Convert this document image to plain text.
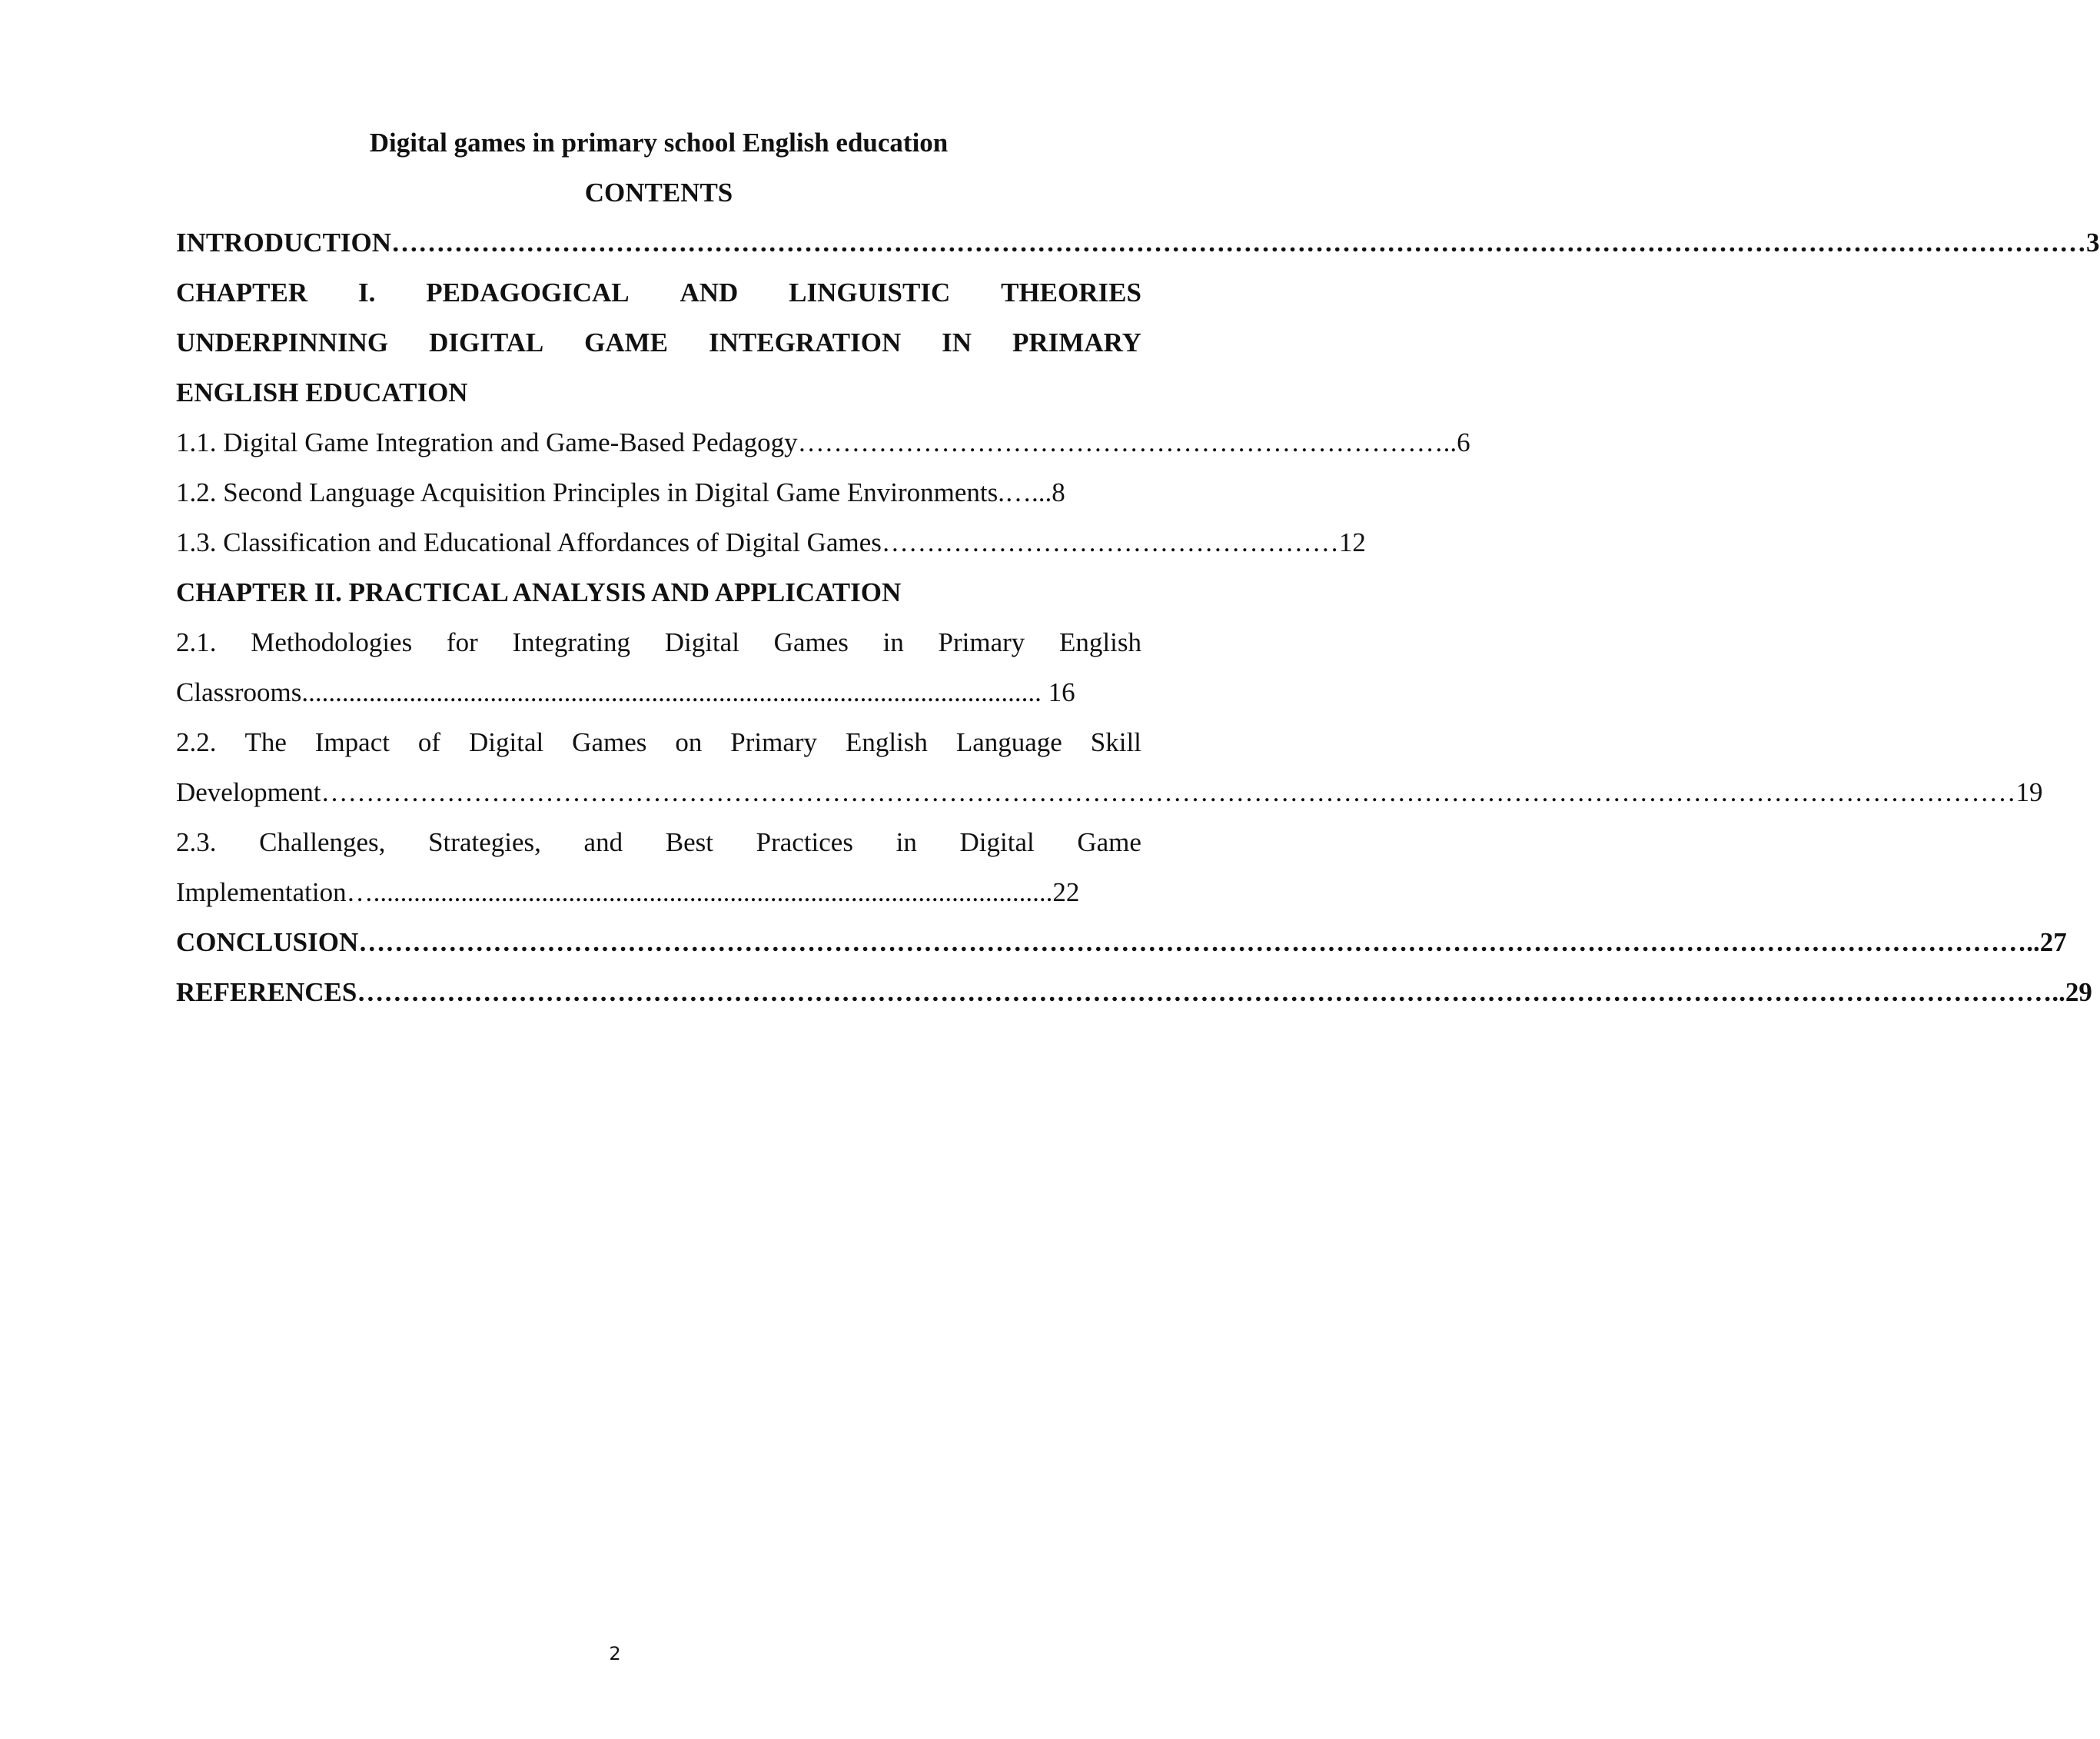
Digital games in primary school English education
CONTENTS
INTRODUCTION………………………………………………………………………………………………………………………………………………………………………3
CHAPTER I. PEDAGOGICAL AND LINGUISTIC THEORIES
UNDERPINNING DIGITAL GAME INTEGRATION IN PRIMARY
ENGLISH EDUCATION
1.1. Digital Game Integration and Game-Based Pedagogy………………………………………………………………..6
1.2. Second Language Acquisition Principles in Digital Game Environments.…...8
1.3. Classification and Educational Affordances of Digital Games……………………………………………12
CHAPTER II. PRACTICAL ANALYSIS AND APPLICATION
2.1. Methodologies for Integrating Digital Games in Primary English
Classrooms.............................................................................................................. 16
2.2. The Impact of Digital Games on Primary English Language Skill
Development………………………………………………………………………………………………………………………………………………………………………19
2.3. Challenges, Strategies, and Best Practices in Digital Game
Implementation….....................................................................................................22
CONCLUSION……………………………………………………………………………………………………………………………………………………………………..27
REFERENCES………………………………………………………………………………………………………………………………………………………………………..29
2
